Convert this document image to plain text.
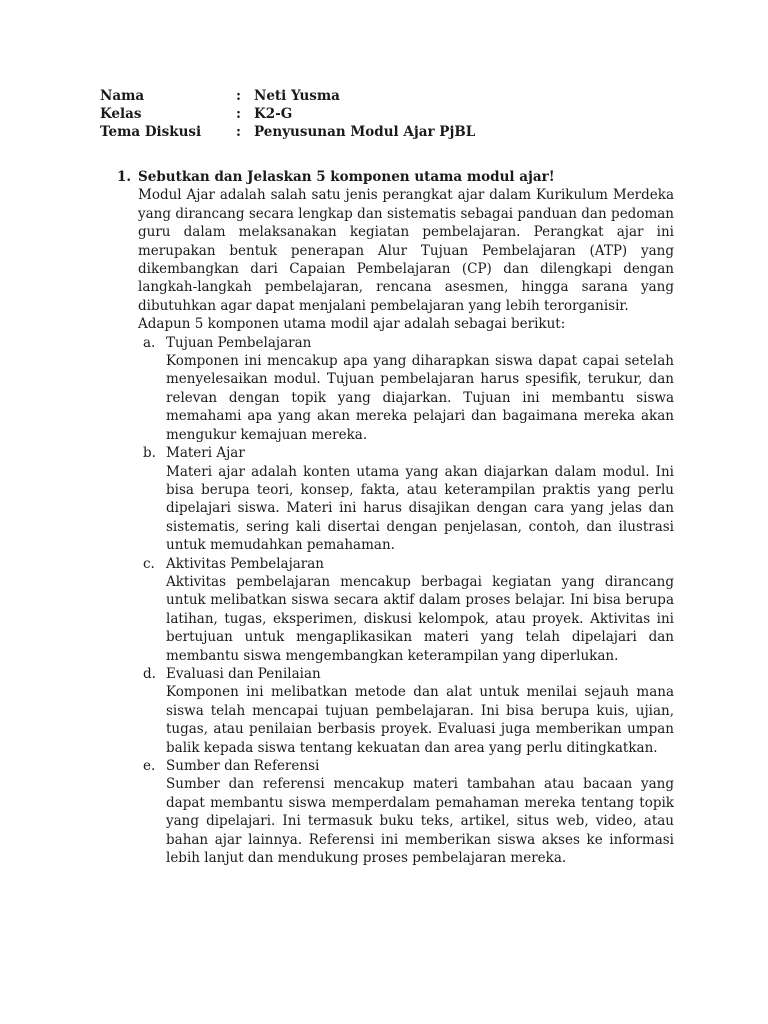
Nama	: Neti Yusma
Kelas	: K2-G
Tema Diskusi	: Penyusunan Modul Ajar PjBL
1. Sebutkan dan Jelaskan 5 komponen utama modul ajar!
Modul Ajar adalah salah satu jenis perangkat ajar dalam Kurikulum Merdeka yang dirancang secara lengkap dan sistematis sebagai panduan dan pedoman guru dalam melaksanakan kegiatan pembelajaran. Perangkat ajar ini merupakan bentuk penerapan Alur Tujuan Pembelajaran (ATP) yang dikembangkan dari Capaian Pembelajaran (CP) dan dilengkapi dengan langkah-langkah pembelajaran, rencana asesmen, hingga sarana yang dibutuhkan agar dapat menjalani pembelajaran yang lebih terorganisir.
Adapun 5 komponen utama modil ajar adalah sebagai berikut:
a. Tujuan Pembelajaran
Komponen ini mencakup apa yang diharapkan siswa dapat capai setelah menyelesaikan modul. Tujuan pembelajaran harus spesifik, terukur, dan relevan dengan topik yang diajarkan. Tujuan ini membantu siswa memahami apa yang akan mereka pelajari dan bagaimana mereka akan mengukur kemajuan mereka.
b. Materi Ajar
Materi ajar adalah konten utama yang akan diajarkan dalam modul. Ini bisa berupa teori, konsep, fakta, atau keterampilan praktis yang perlu dipelajari siswa. Materi ini harus disajikan dengan cara yang jelas dan sistematis, sering kali disertai dengan penjelasan, contoh, dan ilustrasi untuk memudahkan pemahaman.
c. Aktivitas Pembelajaran
Aktivitas pembelajaran mencakup berbagai kegiatan yang dirancang untuk melibatkan siswa secara aktif dalam proses belajar. Ini bisa berupa latihan, tugas, eksperimen, diskusi kelompok, atau proyek. Aktivitas ini bertujuan untuk mengaplikasikan materi yang telah dipelajari dan membantu siswa mengembangkan keterampilan yang diperlukan.
d. Evaluasi dan Penilaian
Komponen ini melibatkan metode dan alat untuk menilai sejauh mana siswa telah mencapai tujuan pembelajaran. Ini bisa berupa kuis, ujian, tugas, atau penilaian berbasis proyek. Evaluasi juga memberikan umpan balik kepada siswa tentang kekuatan dan area yang perlu ditingkatkan.
e. Sumber dan Referensi
Sumber dan referensi mencakup materi tambahan atau bacaan yang dapat membantu siswa memperdalam pemahaman mereka tentang topik yang dipelajari. Ini termasuk buku teks, artikel, situs web, video, atau bahan ajar lainnya. Referensi ini memberikan siswa akses ke informasi lebih lanjut dan mendukung proses pembelajaran mereka.
